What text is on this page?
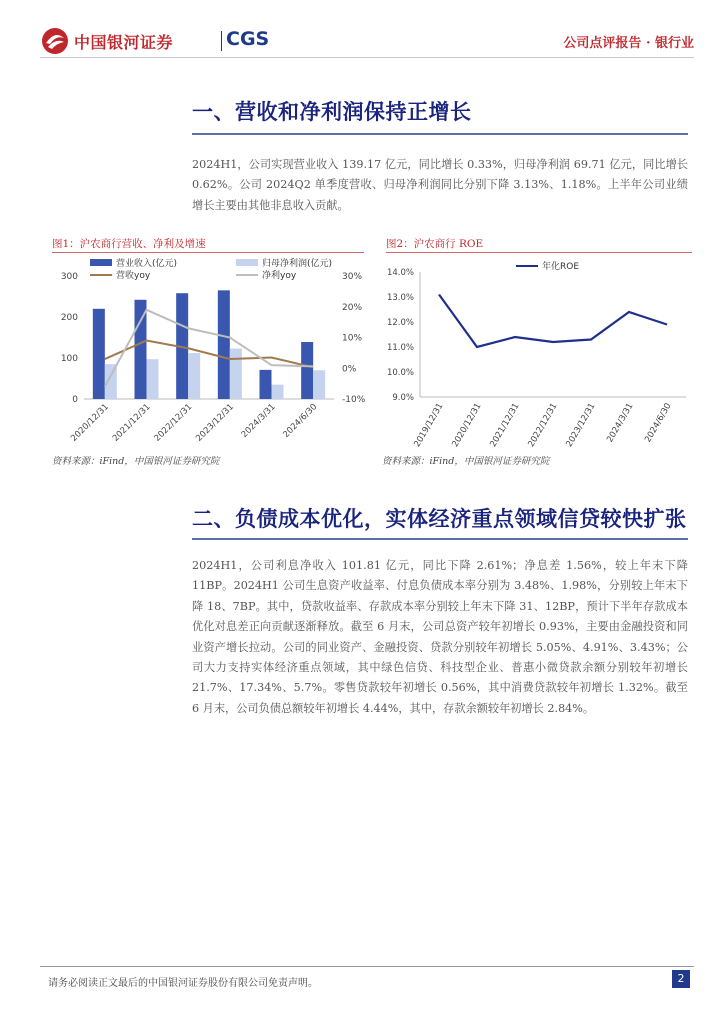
中国银河证券	CGS	公司点评报告 · 银行业
一、营收和净利润保持正增长
2024H1，公司实现营业收入 139.17 亿元，同比增长 0.33%，归母净利润 69.71 亿元，同比增长 0.62%。公司 2024Q2 单季度营收、归母净利润同比分别下降 3.13%、1.18%。上半年公司业绩增长主要由其他非息收入贡献。
图1：沪农商行营收、净利及增速
0
100
200
300
-10%
0%
10%
20%
30%
2020/12/31 2021/12/31 2022/12/31 2023/12/31 2024/3/31 2024/6/30
营业收入(亿元)	归母净利润(亿元)
营收yoy	净利yoy
资料来源：iFind，中国银河证券研究院
图2：沪农商行 ROE
9.0%
10.0%
11.0%
12.0%
13.0%
14.0%
2019/12/31 2020/12/31 2021/12/31 2022/12/31 2023/12/31 2024/3/31 2024/6/30
年化ROE
资料来源：iFind，中国银河证券研究院
二、负债成本优化，实体经济重点领域信贷较快扩张
2024H1，公司利息净收入 101.81 亿元，同比下降 2.61%；净息差 1.56%，较上年末下降 11BP。2024H1 公司生息资产收益率、付息负债成本率分别为 3.48%、1.98%，分别较上年末下降 18、7BP。其中，贷款收益率、存款成本率分别较上年末下降 31、12BP，预计下半年存款成本优化对息差正向贡献逐渐释放。截至 6 月末，公司总资产较年初增长 0.93%，主要由金融投资和同业资产增长拉动。公司的同业资产、金融投资、贷款分别较年初增长 5.05%、4.91%、3.43%；公司大力支持实体经济重点领域，其中绿色信贷、科技型企业、普惠小微贷款余额分别较年初增长 21.7%、17.34%、5.7%。零售贷款较年初增长 0.56%，其中消费贷款较年初增长 1.32%。截至 6 月末，公司负债总额较年初增长 4.44%，其中，存款余额较年初增长 2.84%。
请务必阅读正文最后的中国银河证券股份有限公司免责声明。	2
